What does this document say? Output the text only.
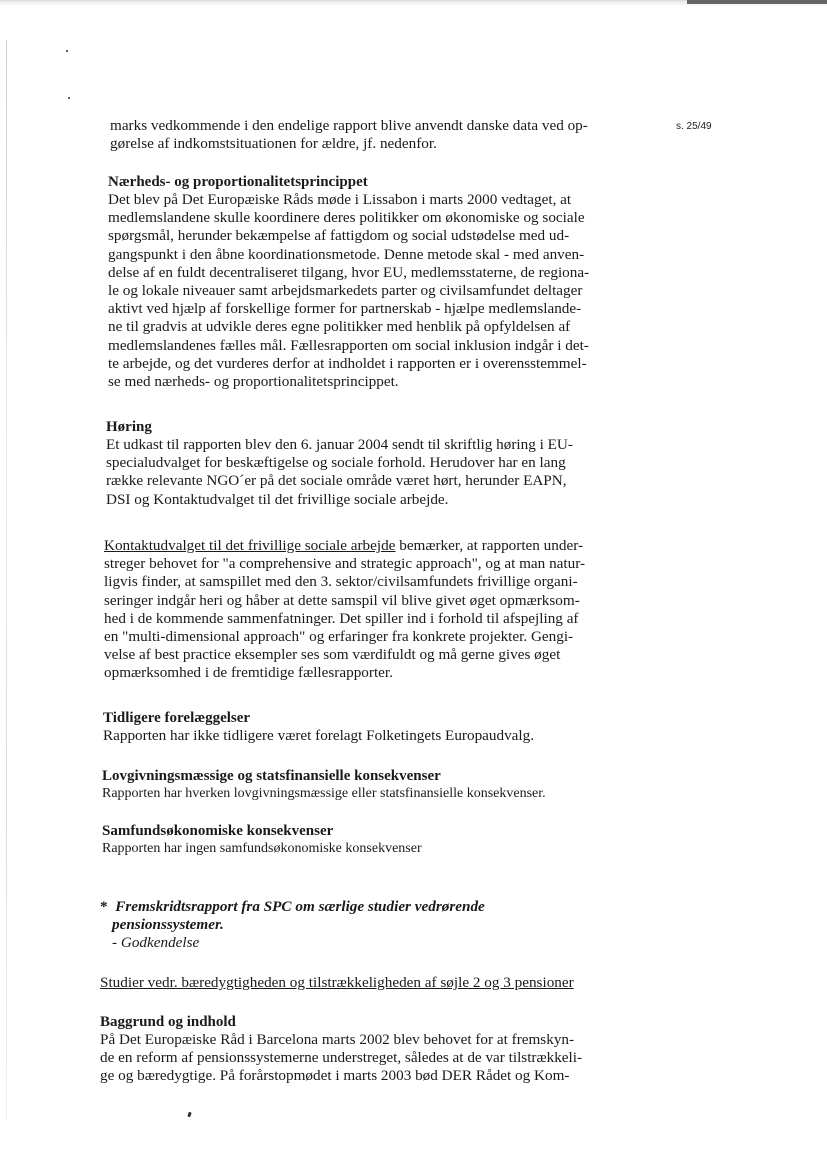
s. 25/49

marks vedkommende i den endelige rapport blive anvendt danske data ved op-

gørelse af indkomstsituationen for ældre, jf. nedenfor.

Nærheds- og proportionalitetsprincippet

Det blev på Det Europæiske Råds møde i Lissabon i marts 2000 vedtaget, at

medlemslandene skulle koordinere deres politikker om økonomiske og sociale

spørgsmål, herunder bekæmpelse af fattigdom og social udstødelse med ud-

gangspunkt i den åbne koordinationsmetode. Denne metode skal - med anven-

delse af en fuldt decentraliseret tilgang, hvor EU, medlemsstaterne, de regiona-

le og lokale niveauer samt arbejdsmarkedets parter og civilsamfundet deltager

aktivt ved hjælp af forskellige former for partnerskab - hjælpe medlemslande-

ne til gradvis at udvikle deres egne politikker med henblik på opfyldelsen af

medlemslandenes fælles mål. Fællesrapporten om social inklusion indgår i det-

te arbejde, og det vurderes derfor at indholdet i rapporten er i overensstemmel-

se med nærheds- og proportionalitetsprincippet.

Høring

Et udkast til rapporten blev den 6. januar 2004 sendt til skriftlig høring i EU-

specialudvalget for beskæftigelse og sociale forhold. Herudover har en lang

række relevante NGO´er på det sociale område været hørt, herunder EAPN,

DSI og Kontaktudvalget til det frivillige sociale arbejde.

Kontaktudvalget til det frivillige sociale arbejde bemærker, at rapporten under-

streger behovet for "a comprehensive and strategic approach", og at man natur-

ligvis finder, at samspillet med den 3. sektor/civilsamfundets frivillige organi-

seringer indgår heri og håber at dette samspil vil blive givet øget opmærksom-

hed i de kommende sammenfatninger. Det spiller ind i forhold til afspejling af

en "multi-dimensional approach" og erfaringer fra konkrete projekter. Gengi-

velse af best practice eksempler ses som værdifuldt og må gerne gives øget

opmærksomhed i de fremtidige fællesrapporter.

Tidligere forelæggelser

Rapporten har ikke tidligere været forelagt Folketingets Europaudvalg.

Lovgivningsmæssige og statsfinansielle konsekvenser

Rapporten har hverken lovgivningsmæssige eller statsfinansielle konsekvenser.

Samfundsøkonomiske konsekvenser

Rapporten har ingen samfundsøkonomiske konsekvenser

* Fremskridtsrapport fra SPC om særlige studier vedrørende

pensionssystemer.

- Godkendelse

Studier vedr. bæredygtigheden og tilstrækkeligheden af søjle 2 og 3 pensioner

Baggrund og indhold

På Det Europæiske Råd i Barcelona marts 2002 blev behovet for at fremskyn-

de en reform af pensionssystemerne understreget, således at de var tilstrækkeli-

ge og bæredygtige. På forårstopmødet i marts 2003 bød DER Rådet og Kom-
